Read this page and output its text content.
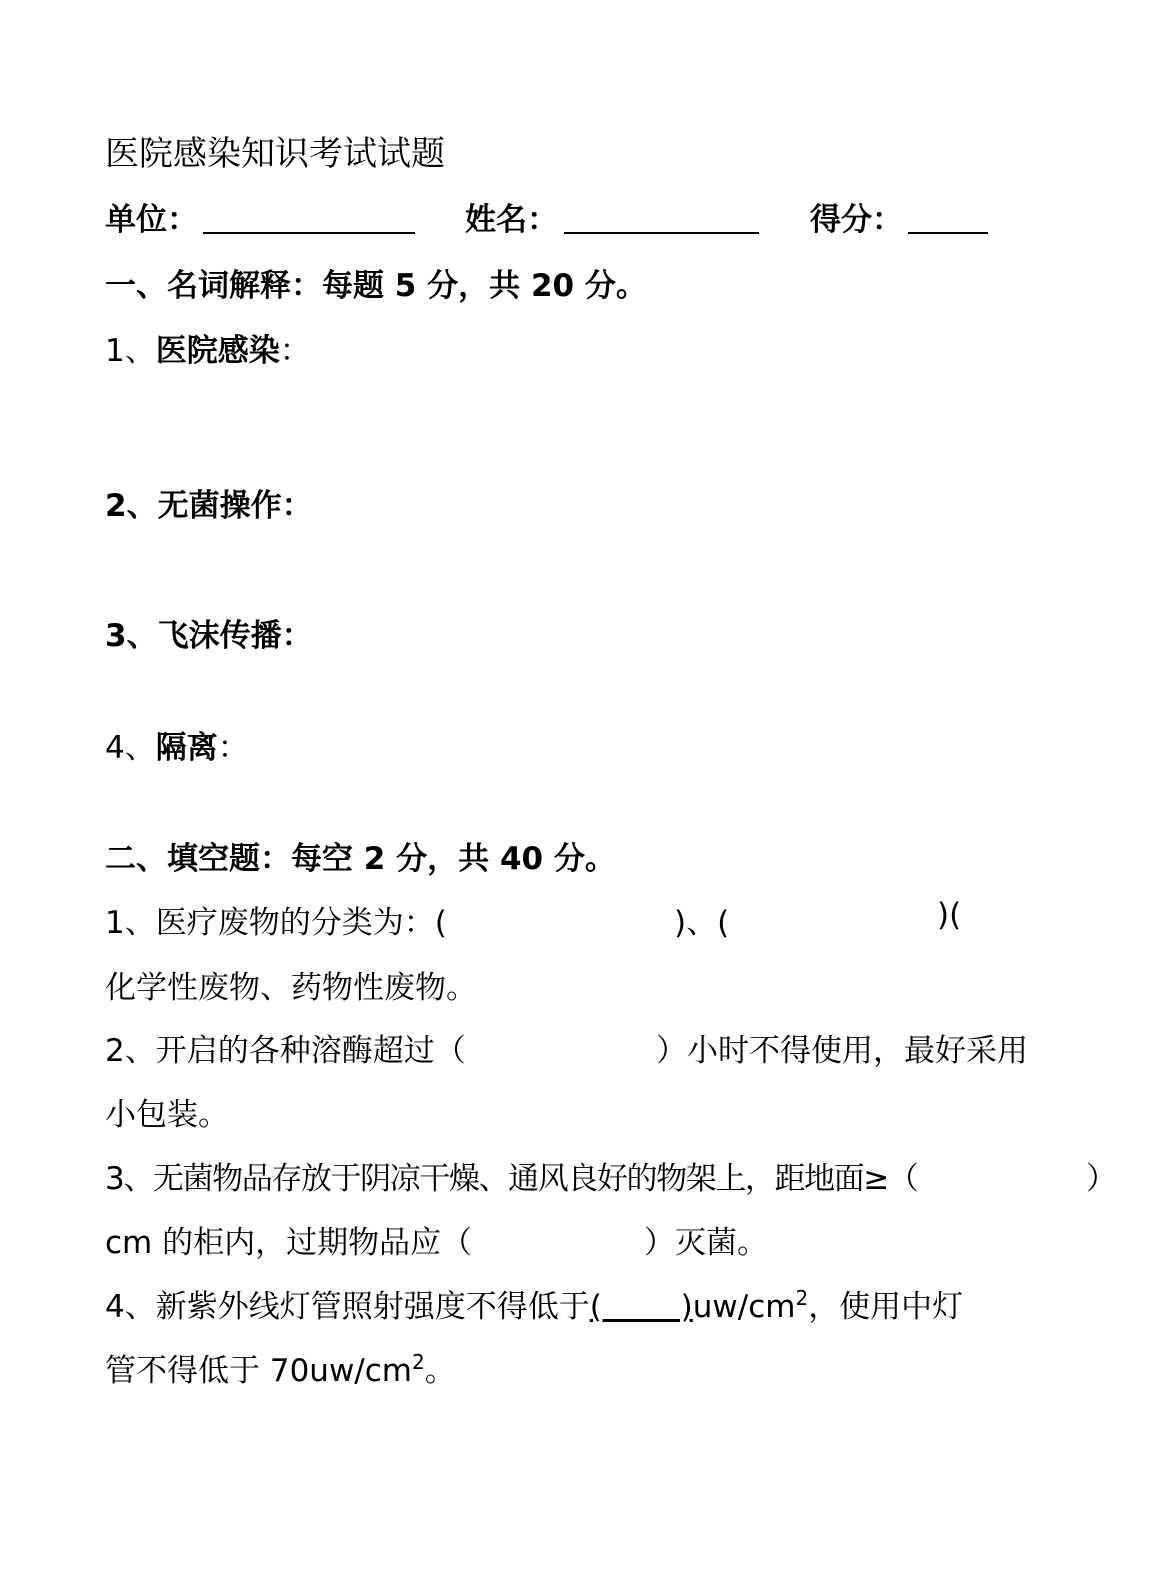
医院感染知识考试试题
单位：	姓名：	得分：
一、名词解释：每题 5 分，共 20 分。
1、医院感染：
2、无菌操作：
3、飞沫传播：
4、隔离：
二、填空题：每空 2 分，共 40 分。
1、医疗废物的分类为：(	)、(	)(
化学性废物、药物性废物。
2、开启的各种溶酶超过（	）小时不得使用，最好采用
小包装。
3、无菌物品存放于阴凉干燥、通风良好的物架上，距地面≥（	）
cm 的柜内，过期物品应（	）灭菌。
4、新紫外线灯管照射强度不得低于(        )$uw/cm^2$，使用中灯
管不得低于 $70uw/cm^2$。
